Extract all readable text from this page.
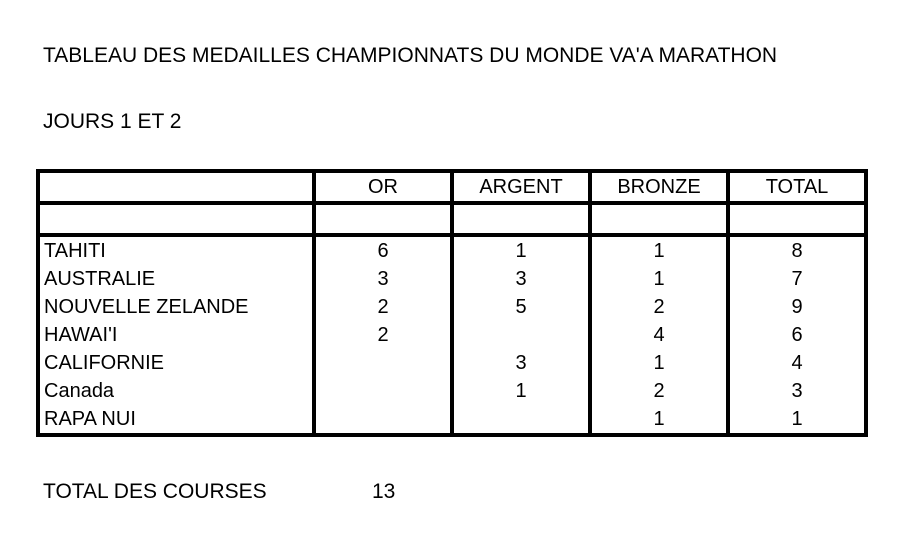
TABLEAU DES MEDAILLES CHAMPIONNATS DU MONDE VA'A MARATHON
JOURS 1 ET 2
	OR	ARGENT	BRONZE	TOTAL

TAHITI	6	1	1	8
AUSTRALIE	3	3	1	7
NOUVELLE ZELANDE	2	5	2	9
HAWAI'I	2		4	6
CALIFORNIE		3	1	4
Canada		1	2	3
RAPA NUI			1	1
TOTAL DES COURSES	13
